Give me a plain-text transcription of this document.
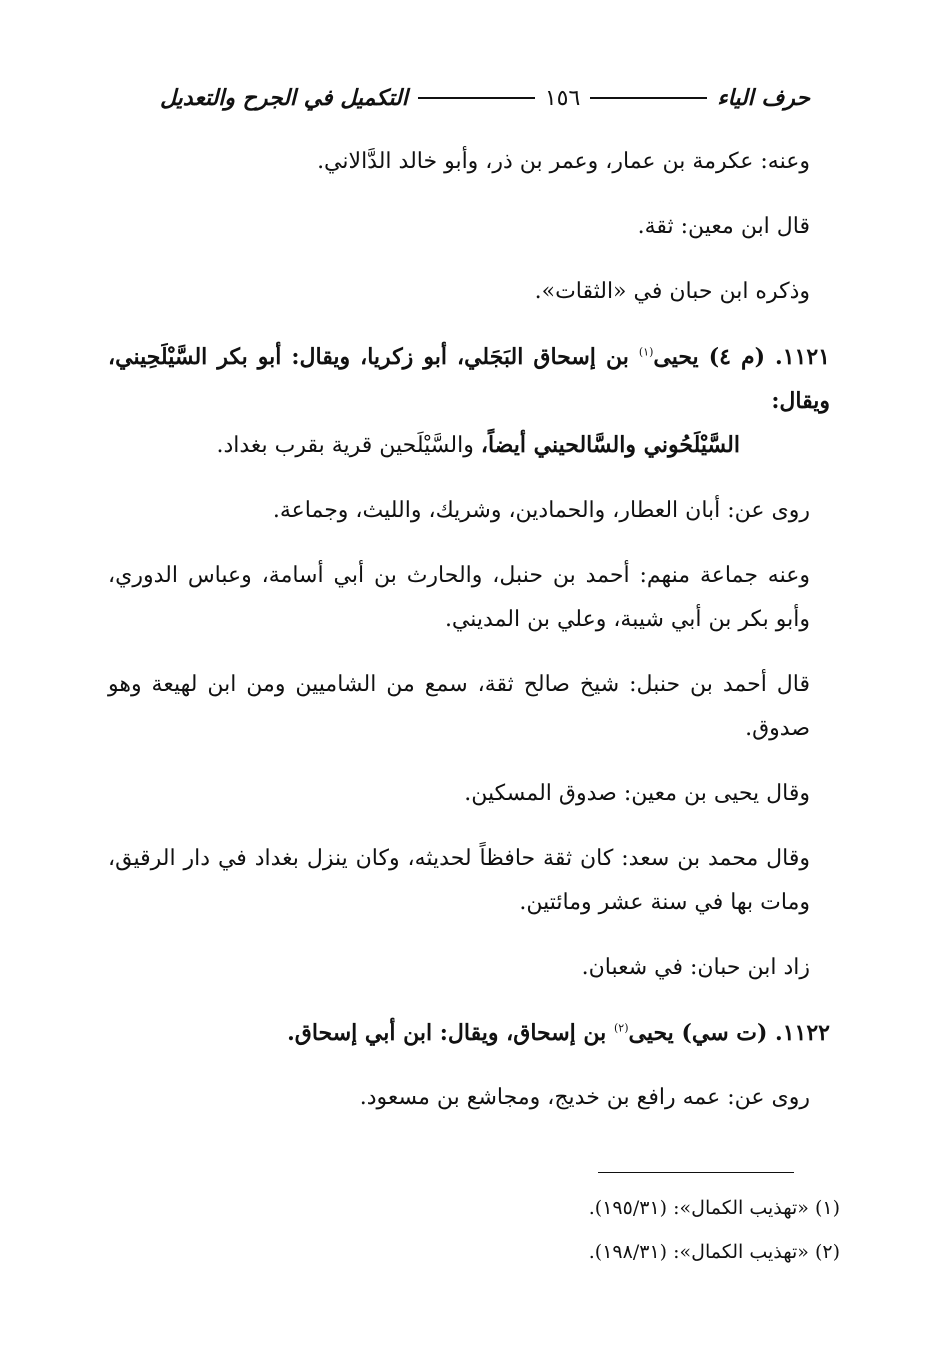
التكميل في الجرح والتعديل	١٥٦	حرف الياء

وعنه: عكرمة بن عمار، وعمر بن ذر، وأبو خالد الدَّالاني.

قال ابن معين: ثقة.

وذكره ابن حبان في «الثقات».

١١٢١. (م ٤) يحيى$^{(١)}$ بن إسحاق البَجَلي، أبو زكريا، ويقال: أبو بكر السَّيْلَحِيني، ويقال:
السَّيْلَحُوني والسَّالحيني أيضاً، والسَّيْلَحين قرية بقرب بغداد.

روى عن: أبان العطار، والحمادين، وشريك، والليث، وجماعة.

وعنه جماعة منهم: أحمد بن حنبل، والحارث بن أبي أسامة، وعباس الدوري، وأبو بكر بن أبي شيبة، وعلي بن المديني.

قال أحمد بن حنبل: شيخ صالح ثقة، سمع من الشاميين ومن ابن لهيعة وهو صدوق.

وقال يحيى بن معين: صدوق المسكين.

وقال محمد بن سعد: كان ثقة حافظاً لحديثه، وكان ينزل بغداد في دار الرقيق، ومات بها في سنة عشر ومائتين.

زاد ابن حبان: في شعبان.

١١٢٢. (ت سي) يحيى$^{(٢)}$ بن إسحاق، ويقال: ابن أبي إسحاق.

روى عن: عمه رافع بن خديج، ومجاشع بن مسعود.

(١) «تهذيب الكمال»: (١٩٥/٣١).
(٢) «تهذيب الكمال»: (١٩٨/٣١).
